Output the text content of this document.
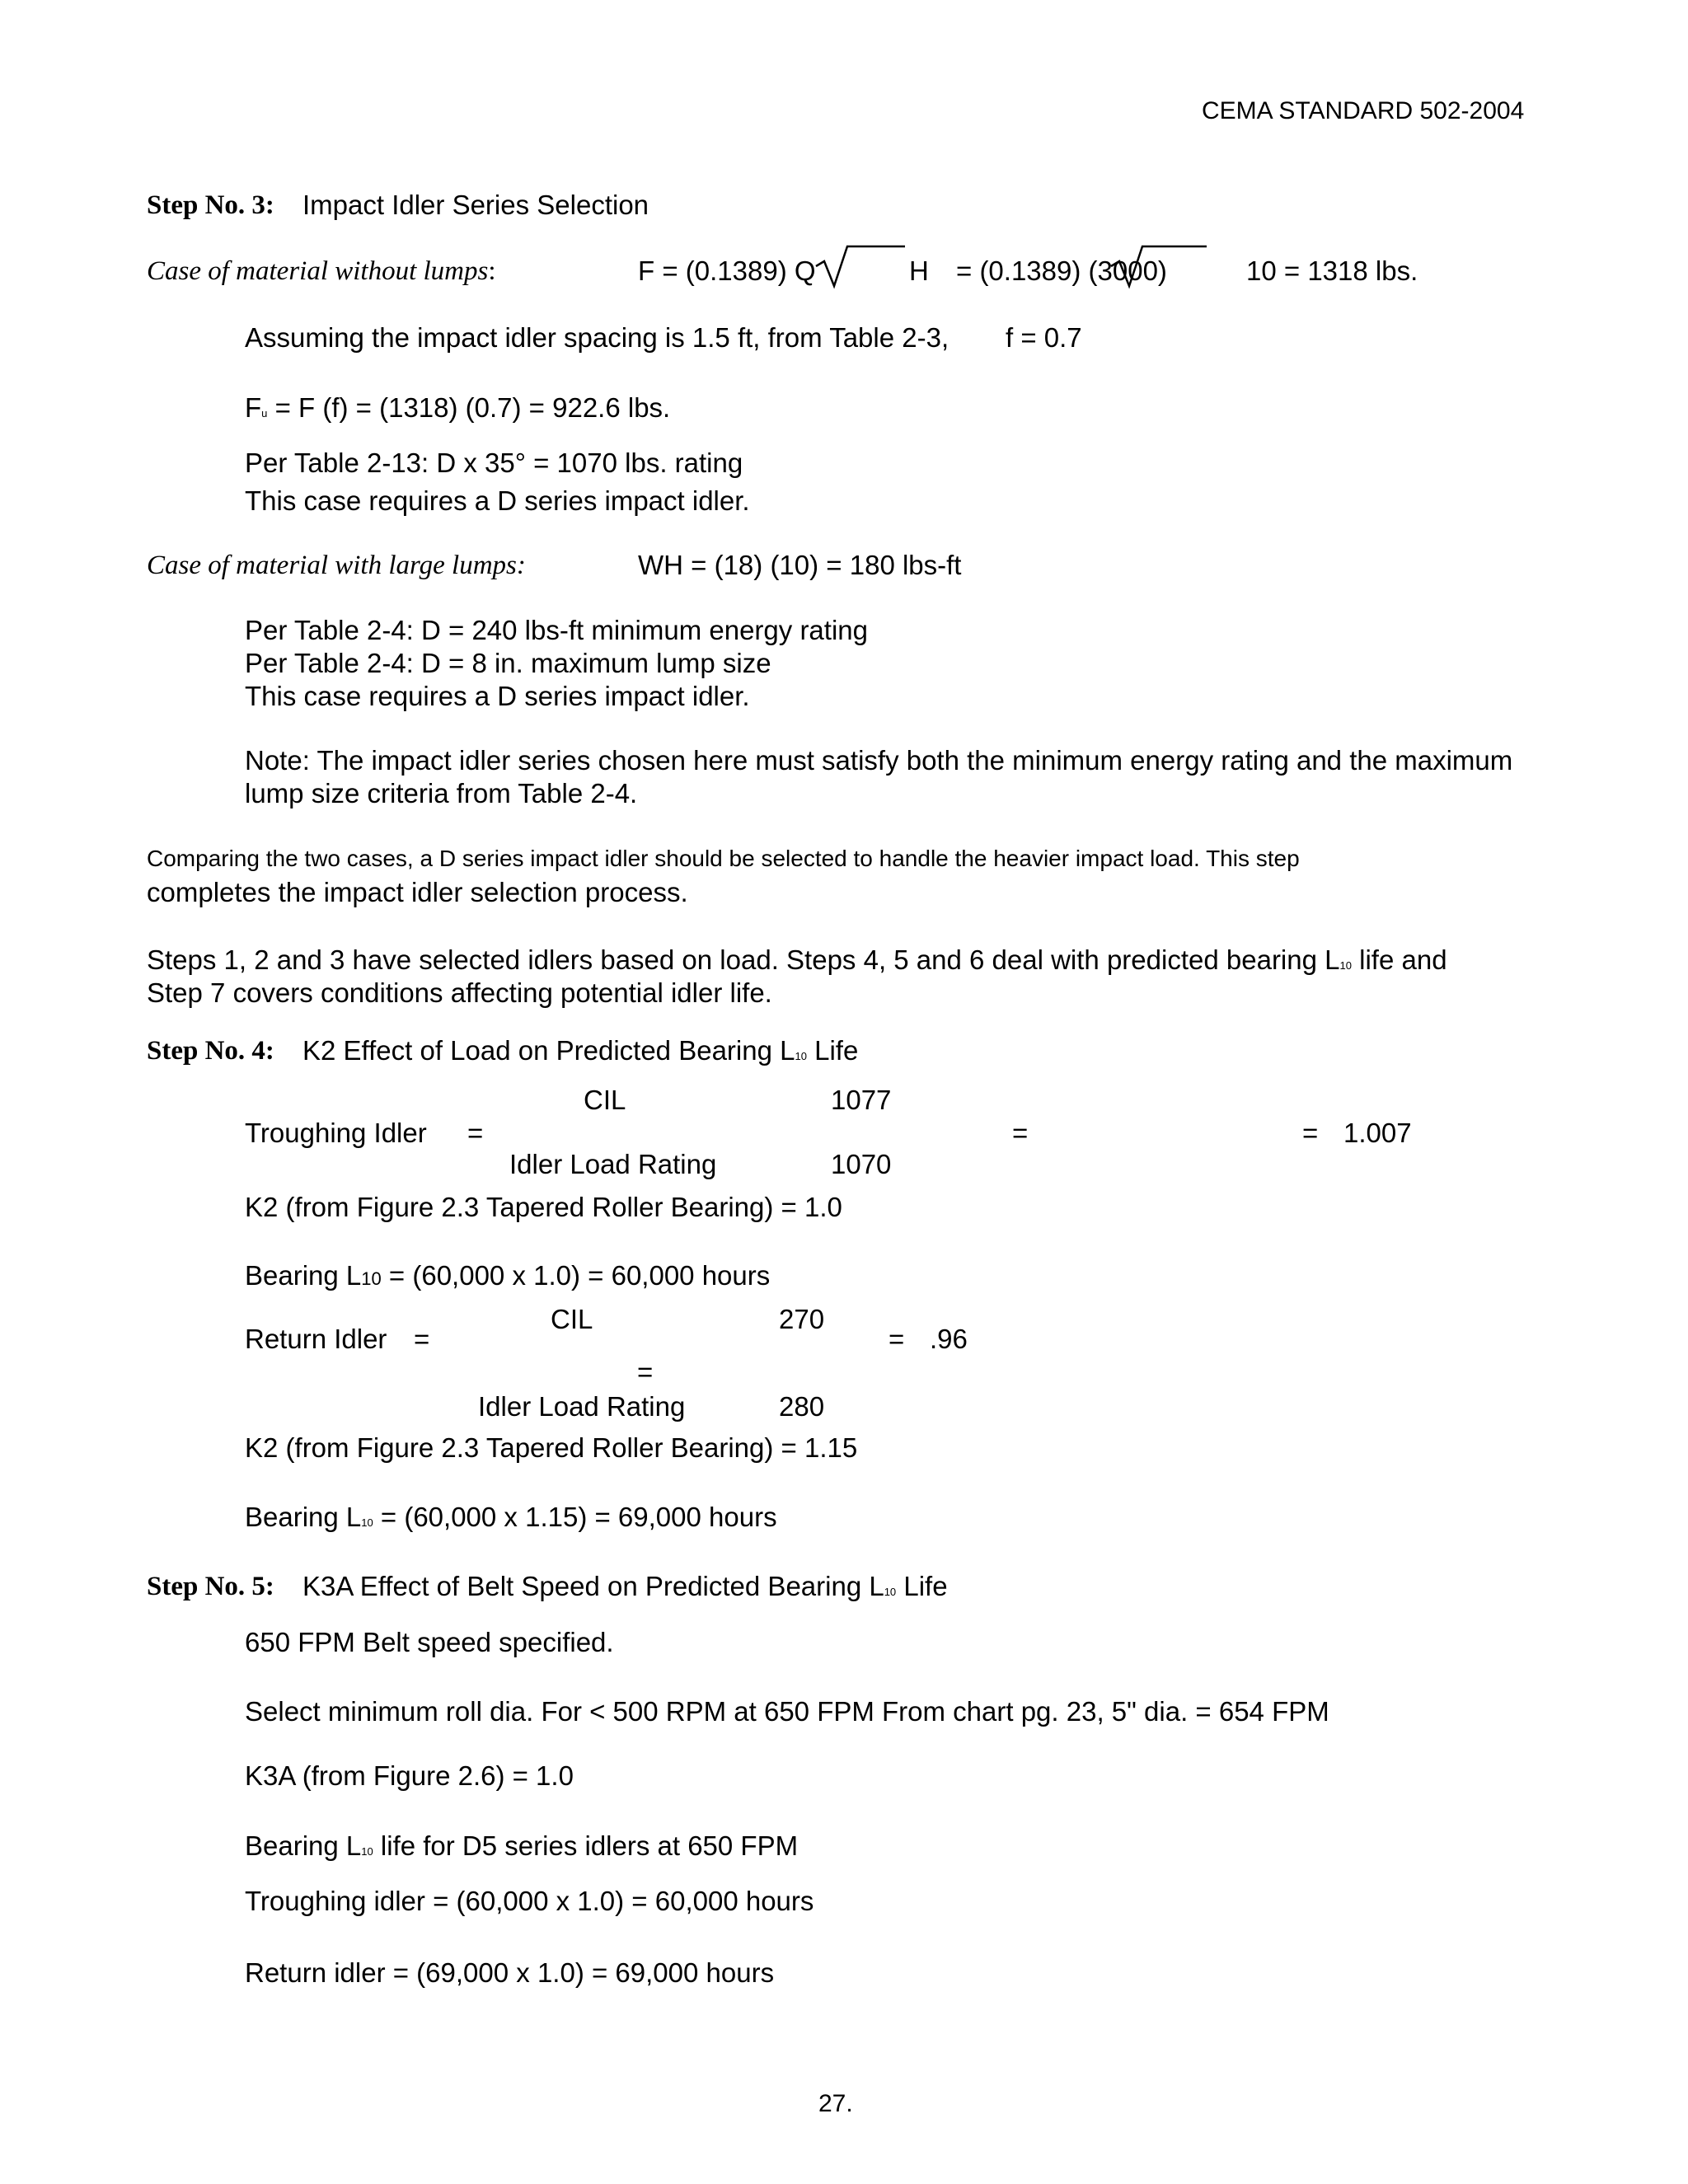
CEMA STANDARD 502-2004
Step No. 3: Impact Idler Series Selection
Case of material without lumps:	F = (0.1389) Q	H = (0.1389) (3000)	10 = 1318 lbs.
Assuming the impact idler spacing is 1.5 ft, from Table 2-3, f = 0.7
Fu = F (f) = (1318) (0.7) = 922.6 lbs.
Per Table 2-13: D x 35° = 1070 lbs. rating
This case requires a D series impact idler.
Case of material with large lumps:	WH = (18) (10) = 180 lbs-ft
Per Table 2-4: D = 240 lbs-ft minimum energy rating
Per Table 2-4: D = 8 in. maximum lump size
This case requires a D series impact idler.
Note: The impact idler series chosen here must satisfy both the minimum energy rating and the maximum
lump size criteria from Table 2-4.
Comparing the two cases, a D series impact idler should be selected to handle the heavier impact load. This step
completes the impact idler selection process.
Steps 1, 2 and 3 have selected idlers based on load. Steps 4, 5 and 6 deal with predicted bearing L10 life and
Step 7 covers conditions affecting potential idler life.
Step No. 4: K2 Effect of Load on Predicted Bearing L10 Life
CIL	1077
Troughing Idler =	=	= 1.007
Idler Load Rating	1070
K2 (from Figure 2.3 Tapered Roller Bearing) = 1.0
Bearing L10 = (60,000 x 1.0) = 60,000 hours
CIL	270
Return Idler =	= .96
=
Idler Load Rating	280
K2 (from Figure 2.3 Tapered Roller Bearing) = 1.15
Bearing L10 = (60,000 x 1.15) = 69,000 hours
Step No. 5: K3A Effect of Belt Speed on Predicted Bearing L10 Life
650 FPM Belt speed specified.
Select minimum roll dia. For < 500 RPM at 650 FPM From chart pg. 23, 5" dia. = 654 FPM
K3A (from Figure 2.6) = 1.0
Bearing L10 life for D5 series idlers at 650 FPM
Troughing idler = (60,000 x 1.0) = 60,000 hours
Return idler = (69,000 x 1.0) = 69,000 hours
27.
